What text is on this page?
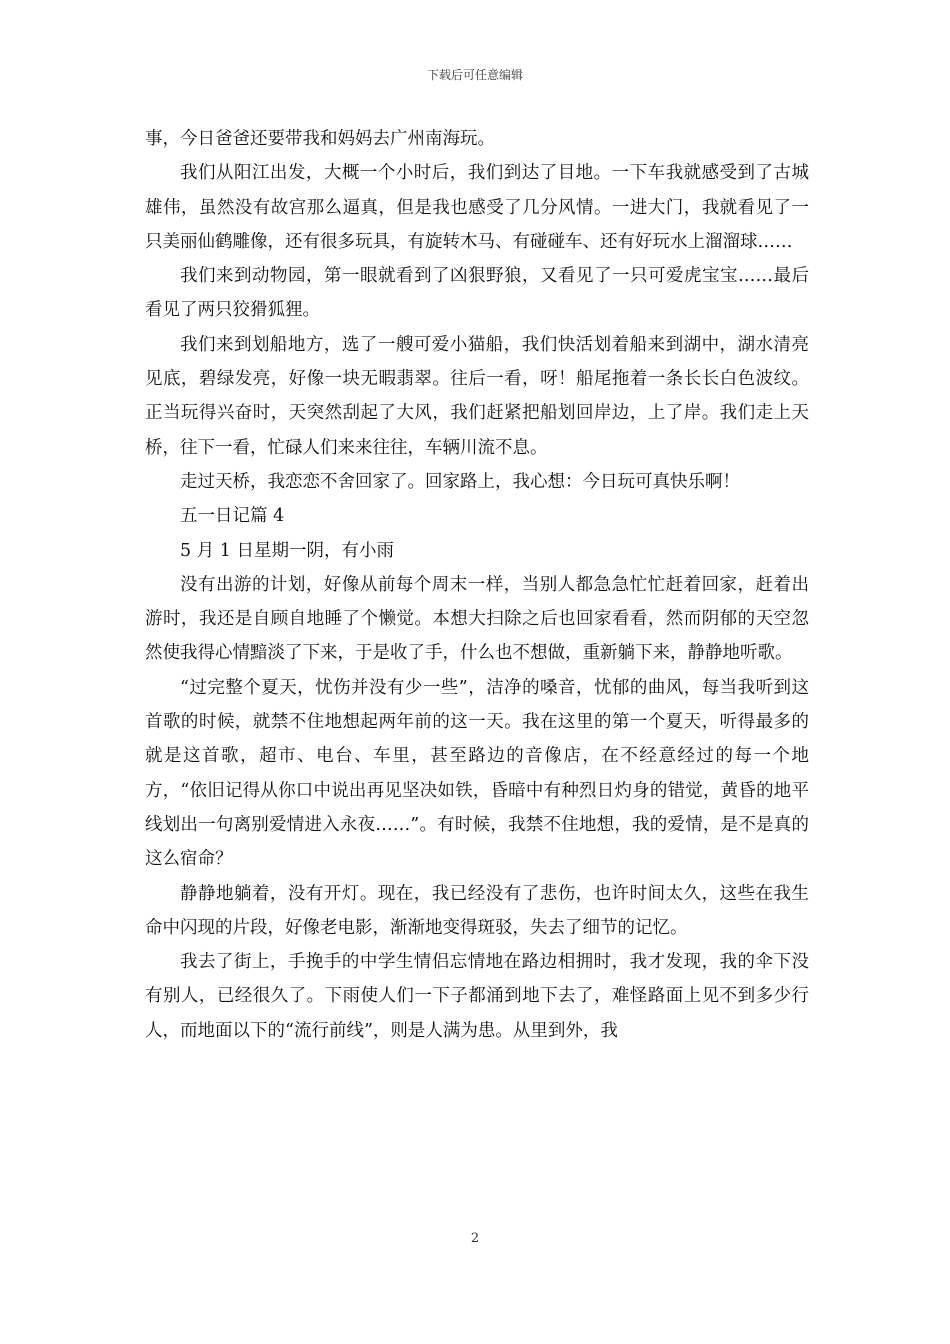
下载后可任意编辑

事，今日爸爸还要带我和妈妈去广州南海玩。

我们从阳江出发，大概一个小时后，我们到达了目地。一下车我就感受到了古城雄伟，虽然没有故宫那么逼真，但是我也感受了几分风情。一进大门，我就看见了一只美丽仙鹤雕像，还有很多玩具，有旋转木马、有碰碰车、还有好玩水上溜溜球……

我们来到动物园，第一眼就看到了凶狠野狼，又看见了一只可爱虎宝宝……最后看见了两只狡猾狐狸。

我们来到划船地方，选了一艘可爱小猫船，我们快活划着船来到湖中，湖水清亮见底，碧绿发亮，好像一块无暇翡翠。往后一看，呀！船尾拖着一条长长白色波纹。正当玩得兴奋时，天突然刮起了大风，我们赶紧把船划回岸边，上了岸。我们走上天桥，往下一看，忙碌人们来来往往，车辆川流不息。

走过天桥，我恋恋不舍回家了。回家路上，我心想：今日玩可真快乐啊！

五一日记篇 4

5 月 1 日星期一阴，有小雨

没有出游的计划，好像从前每个周末一样，当别人都急急忙忙赶着回家，赶着出游时，我还是自顾自地睡了个懒觉。本想大扫除之后也回家看看，然而阴郁的天空忽然使我得心情黯淡了下来，于是收了手，什么也不想做，重新躺下来，静静地听歌。

“过完整个夏天，忧伤并没有少一些”，洁净的嗓音，忧郁的曲风，每当我听到这首歌的时候，就禁不住地想起两年前的这一天。我在这里的第一个夏天，听得最多的就是这首歌，超市、电台、车里，甚至路边的音像店，在不经意经过的每一个地方，“依旧记得从你口中说出再见坚决如铁，昏暗中有种烈日灼身的错觉，黄昏的地平线划出一句离别爱情进入永夜……”。有时候，我禁不住地想，我的爱情，是不是真的这么宿命？

静静地躺着，没有开灯。现在，我已经没有了悲伤，也许时间太久，这些在我生命中闪现的片段，好像老电影，渐渐地变得斑驳，失去了细节的记忆。

我去了街上，手挽手的中学生情侣忘情地在路边相拥时，我才发现，我的伞下没有别人，已经很久了。下雨使人们一下子都涌到地下去了，难怪路面上见不到多少行人，而地面以下的“流行前线”，则是人满为患。从里到外，我

2
